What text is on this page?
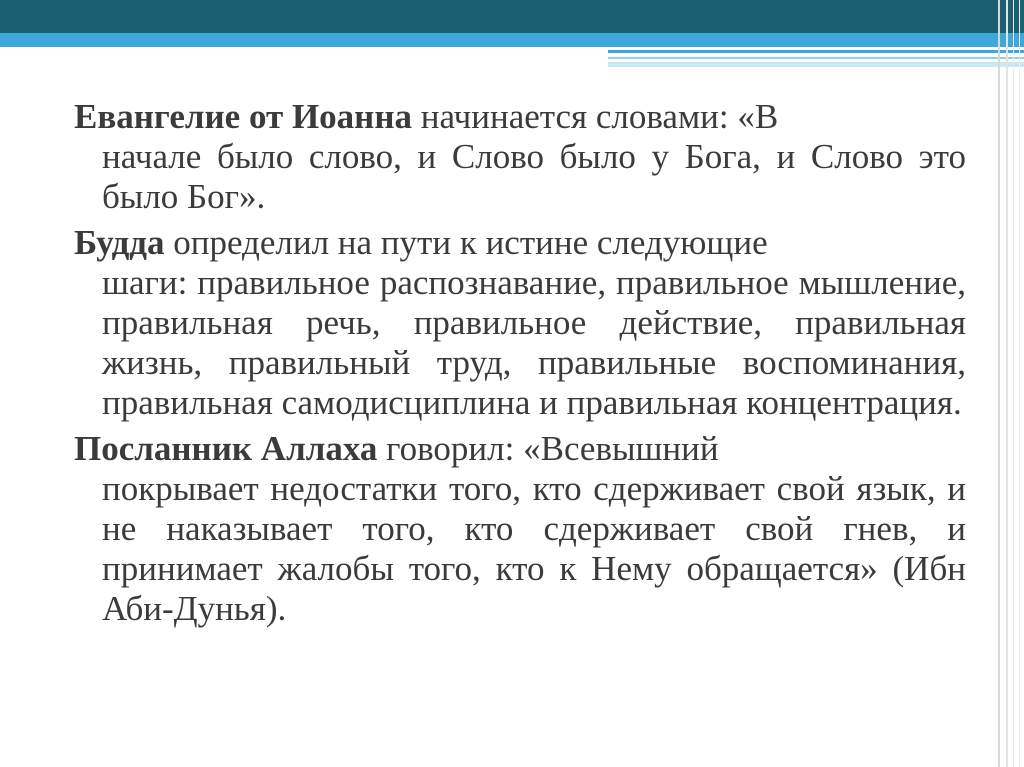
Евангелие от Иоанна начинается словами: «В
начале было слово, и Слово было у Бога, и Слово это было Бог».

Будда определил на пути к истине следующие
шаги: правильное распознавание, правильное мышление, правильная речь, правильное действие, правильная жизнь, правильный труд, правильные воспоминания, правильная самодисциплина и правильная концентрация.

Посланник Аллаха говорил: «Всевышний
покрывает недостатки того, кто сдерживает свой язык, и не наказывает того, кто сдерживает свой гнев, и принимает жалобы того, кто к Нему обращается» (Ибн Аби-Дунья).
